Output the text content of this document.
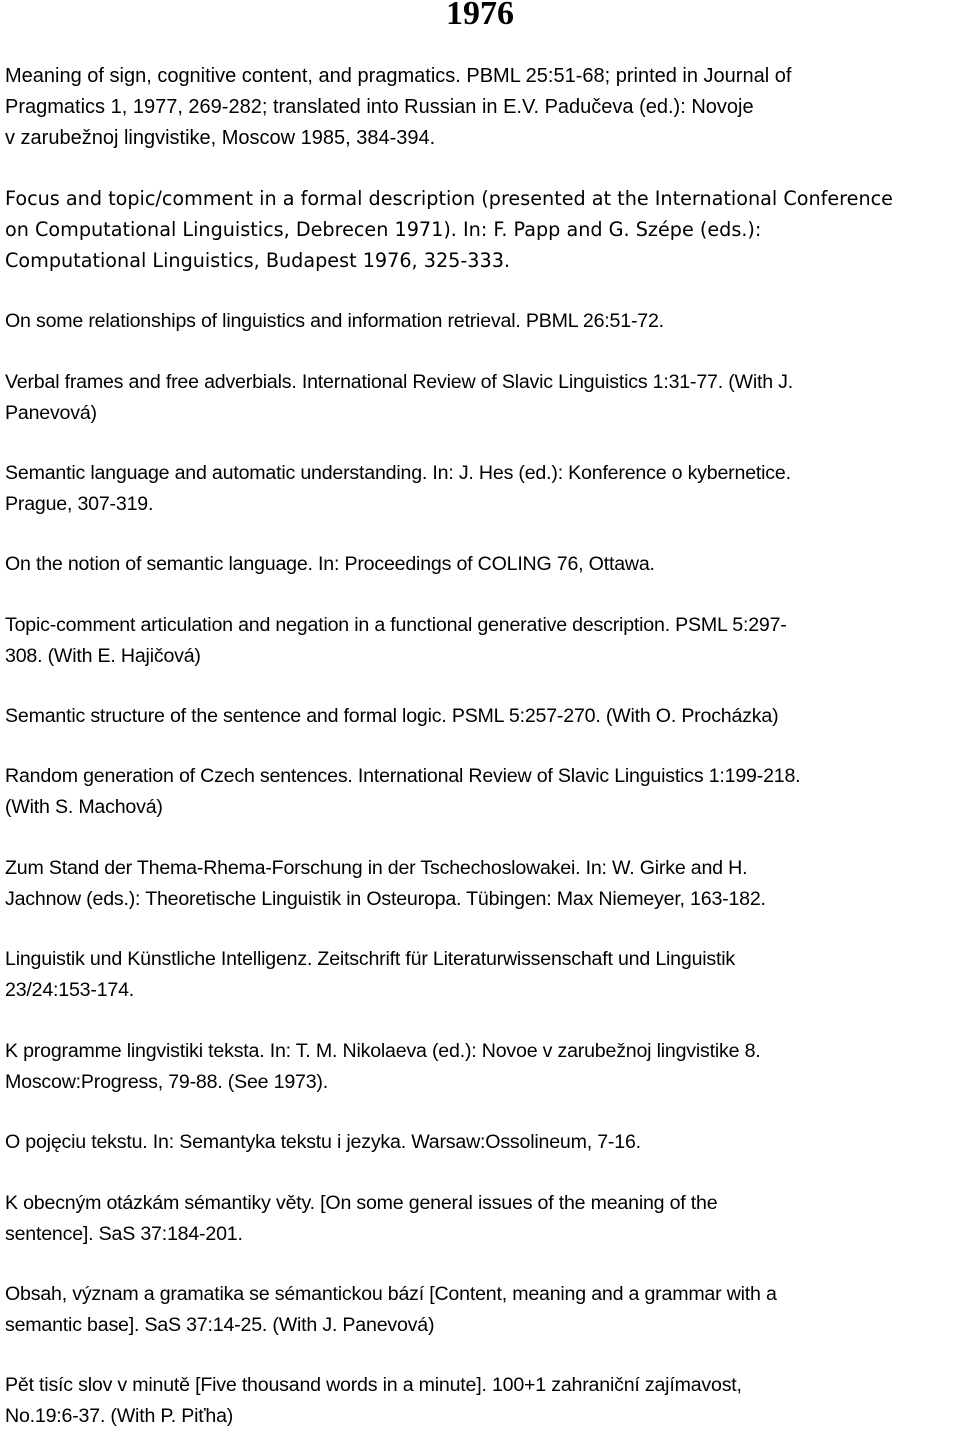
1976

Meaning of sign, cognitive content, and pragmatics. PBML 25:51-68; printed in Journal of
Pragmatics 1, 1977, 269-282; translated into Russian in E.V. Padučeva (ed.): Novoje
v zarubežnoj lingvistike, Moscow 1985, 384-394.

Focus and topic/comment in a formal description (presented at the International Conference
on Computational Linguistics, Debrecen 1971). In: F. Papp and G. Szépe (eds.):
Computational Linguistics, Budapest 1976, 325-333.

On some relationships of linguistics and information retrieval. PBML 26:51-72.

Verbal frames and free adverbials. International Review of Slavic Linguistics 1:31-77. (With J.
Panevová)

Semantic language and automatic understanding. In: J. Hes (ed.): Konference o kybernetice.
Prague, 307-319.

On the notion of semantic language. In: Proceedings of COLING 76, Ottawa.

Topic-comment articulation and negation in a functional generative description. PSML 5:297-
308. (With E. Hajičová)

Semantic structure of the sentence and formal logic. PSML 5:257-270. (With O. Procházka)

Random generation of Czech sentences. International Review of Slavic Linguistics 1:199-218.
(With S. Machová)

Zum Stand der Thema-Rhema-Forschung in der Tschechoslowakei. In: W. Girke and H.
Jachnow (eds.): Theoretische Linguistik in Osteuropa. Tübingen: Max Niemeyer, 163-182.

Linguistik und Künstliche Intelligenz. Zeitschrift für Literaturwissenschaft und Linguistik
23/24:153-174.

K programme lingvistiki teksta. In: T. M. Nikolaeva (ed.): Novoe v zarubežnoj lingvistike 8.
Moscow:Progress, 79-88. (See 1973).

O pojęciu tekstu. In: Semantyka tekstu i jezyka. Warsaw:Ossolineum, 7-16.

K obecným otázkám sémantiky věty. [On some general issues of the meaning of the
sentence]. SaS 37:184-201.

Obsah, význam a gramatika se sémantickou bází [Content, meaning and a grammar with a
semantic base]. SaS 37:14-25. (With J. Panevová)

Pět tisíc slov v minutě [Five thousand words in a minute]. 100+1 zahraniční zajímavost,
No.19:6-37. (With P. Piťha)
